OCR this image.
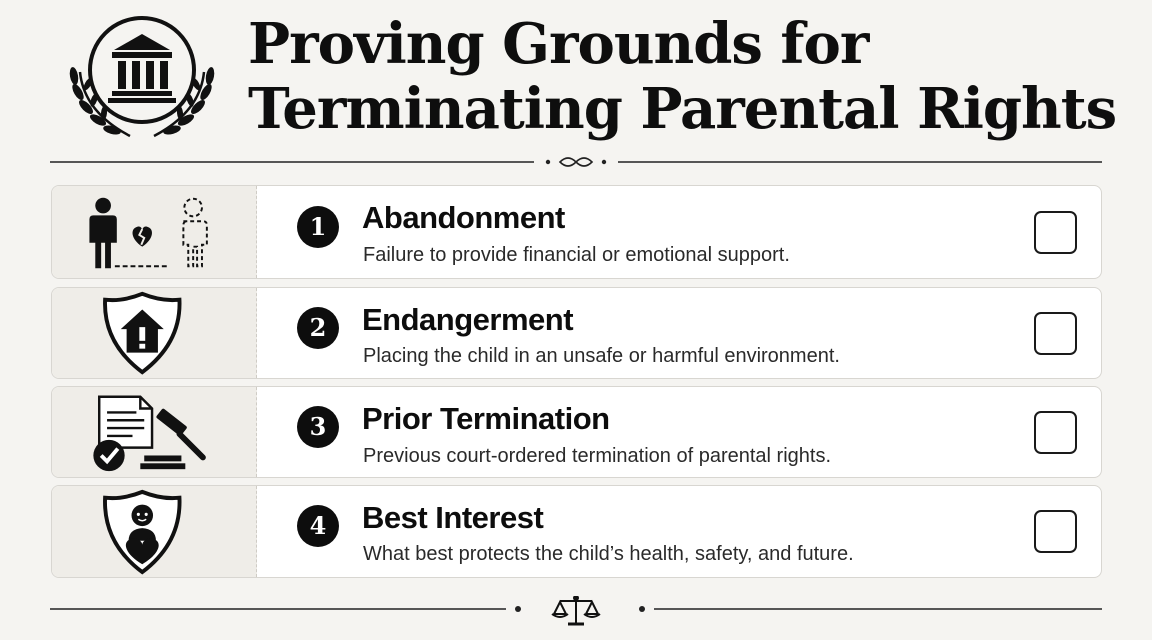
Proving Grounds for
Terminating Parental Rights
1	Abandonment
Failure to provide financial or emotional support.
2	Endangerment
Placing the child in an unsafe or harmful environment.
3	Prior Termination
Previous court-ordered termination of parental rights.
4	Best Interest
What best protects the child’s health, safety, and future.
